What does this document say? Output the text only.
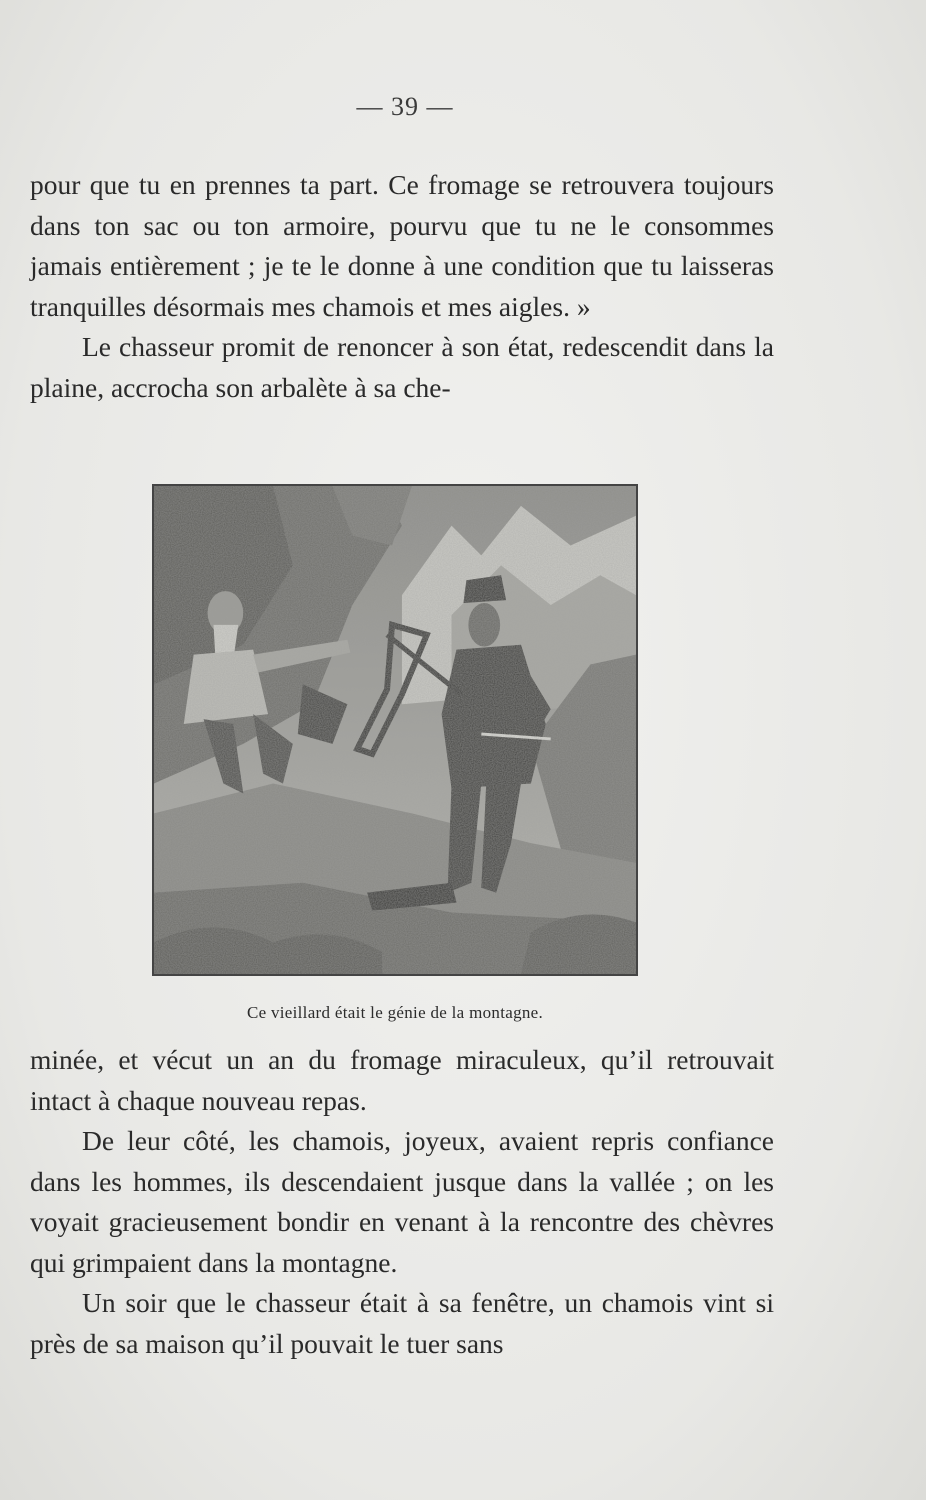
— 39 —

pour que tu en prennes ta part. Ce fromage se retrouvera toujours dans ton sac ou ton armoire, pourvu que tu ne le consommes jamais entièrement ; je te le donne à une condition que tu laisseras tranquilles désormais mes chamois et mes aigles. »

Le chasseur promit de renoncer à son état, redescendit dans la plaine, accrocha son arbalète à sa che-

Ce vieillard était le génie de la montagne.

minée, et vécut un an du fromage miraculeux, qu’il retrouvait intact à chaque nouveau repas.

De leur côté, les chamois, joyeux, avaient repris confiance dans les hommes, ils descendaient jusque dans la vallée ; on les voyait gracieusement bondir en venant à la rencontre des chèvres qui grimpaient dans la montagne.

Un soir que le chasseur était à sa fenêtre, un chamois vint si près de sa maison qu’il pouvait le tuer sans
